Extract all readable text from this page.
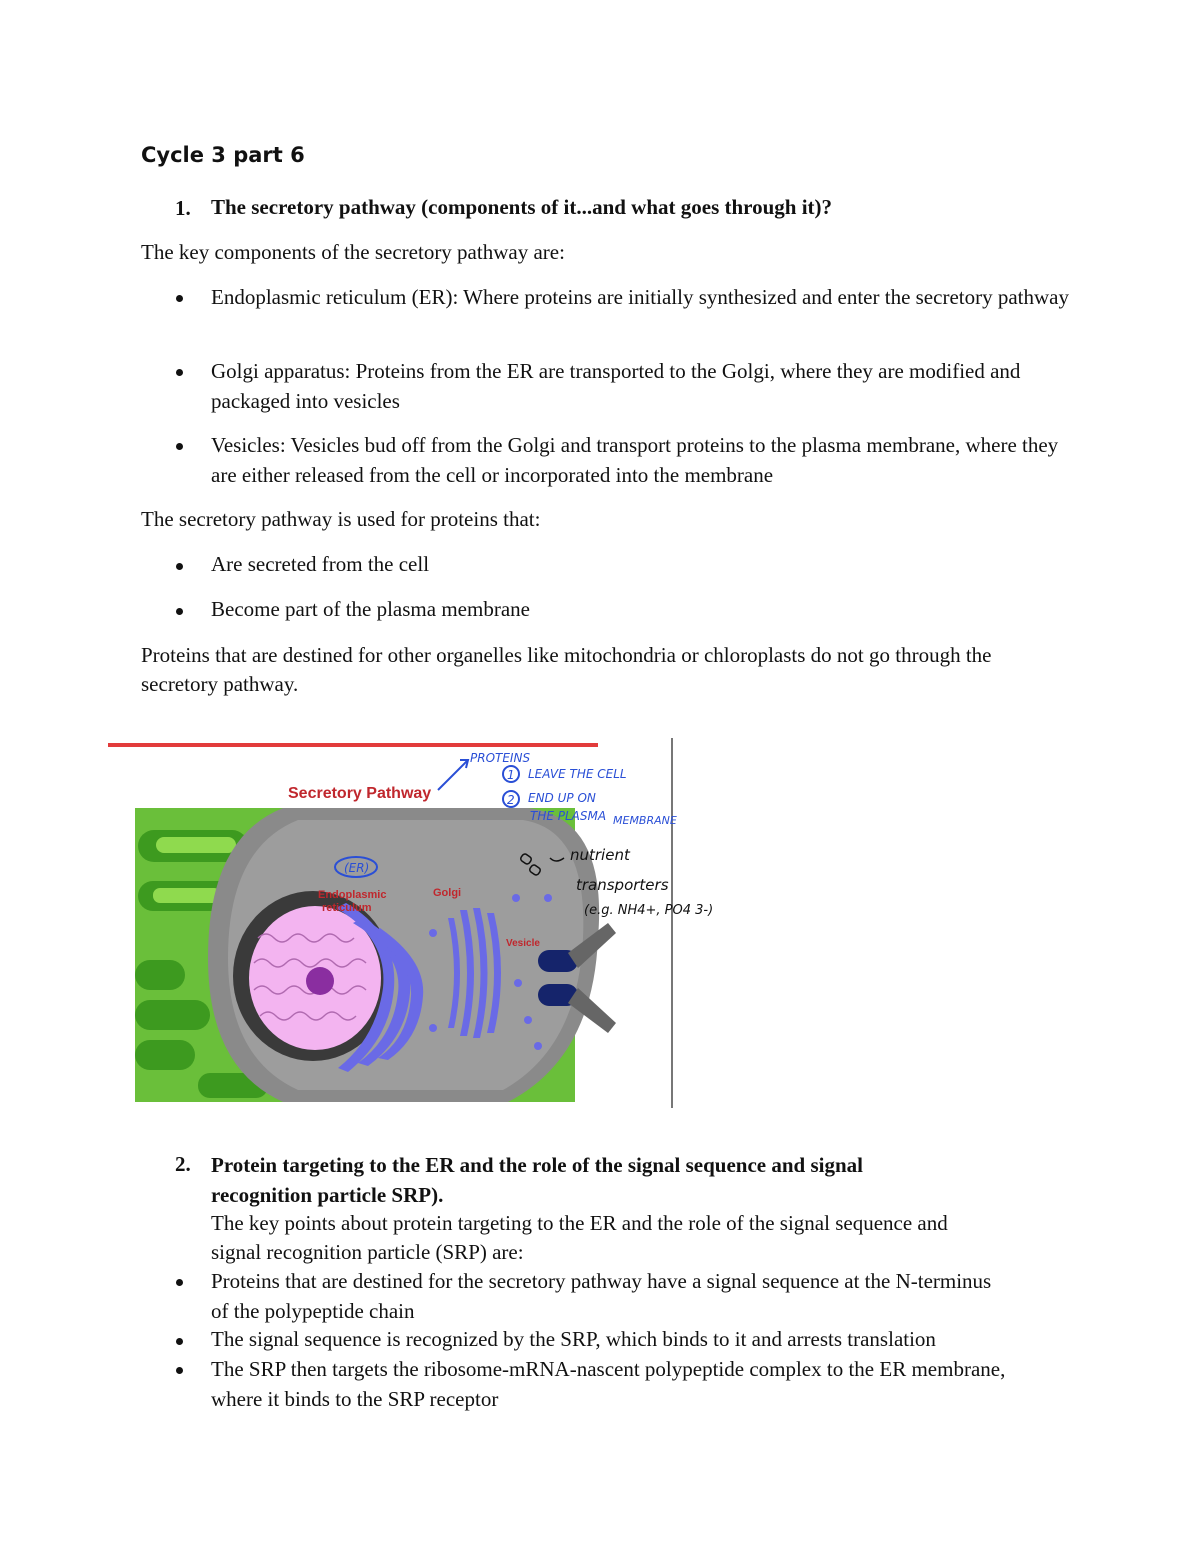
Cycle 3 part 6
1. The secretory pathway (components of it...and what goes through it)?
The key components of the secretory pathway are:
Endoplasmic reticulum (ER): Where proteins are initially synthesized and enter the secretory pathway
Golgi apparatus: Proteins from the ER are transported to the Golgi, where they are modified and packaged into vesicles
Vesicles: Vesicles bud off from the Golgi and transport proteins to the plasma membrane, where they are either released from the cell or incorporated into the membrane
The secretory pathway is used for proteins that:
Are secreted from the cell
Become part of the plasma membrane
Proteins that are destined for other organelles like mitochondria or chloroplasts do not go through the secretory pathway.
Secretory Pathway
Endoplasmic
reticulum
Golgi
Vesicle
(ER)
PROTEINS
1 LEAVE THE CELL
2 END UP ON
THE PLASMA MEMBRANE
nutrient
transporters
(e.g. NH4+, PO4 3-)
2. Protein targeting to the ER and the role of the signal sequence and signal
recognition particle SRP).
The key points about protein targeting to the ER and the role of the signal sequence and
signal recognition particle (SRP) are:
Proteins that are destined for the secretory pathway have a signal sequence at the N-terminus of the polypeptide chain
The signal sequence is recognized by the SRP, which binds to it and arrests translation
The SRP then targets the ribosome-mRNA-nascent polypeptide complex to the ER membrane, where it binds to the SRP receptor
